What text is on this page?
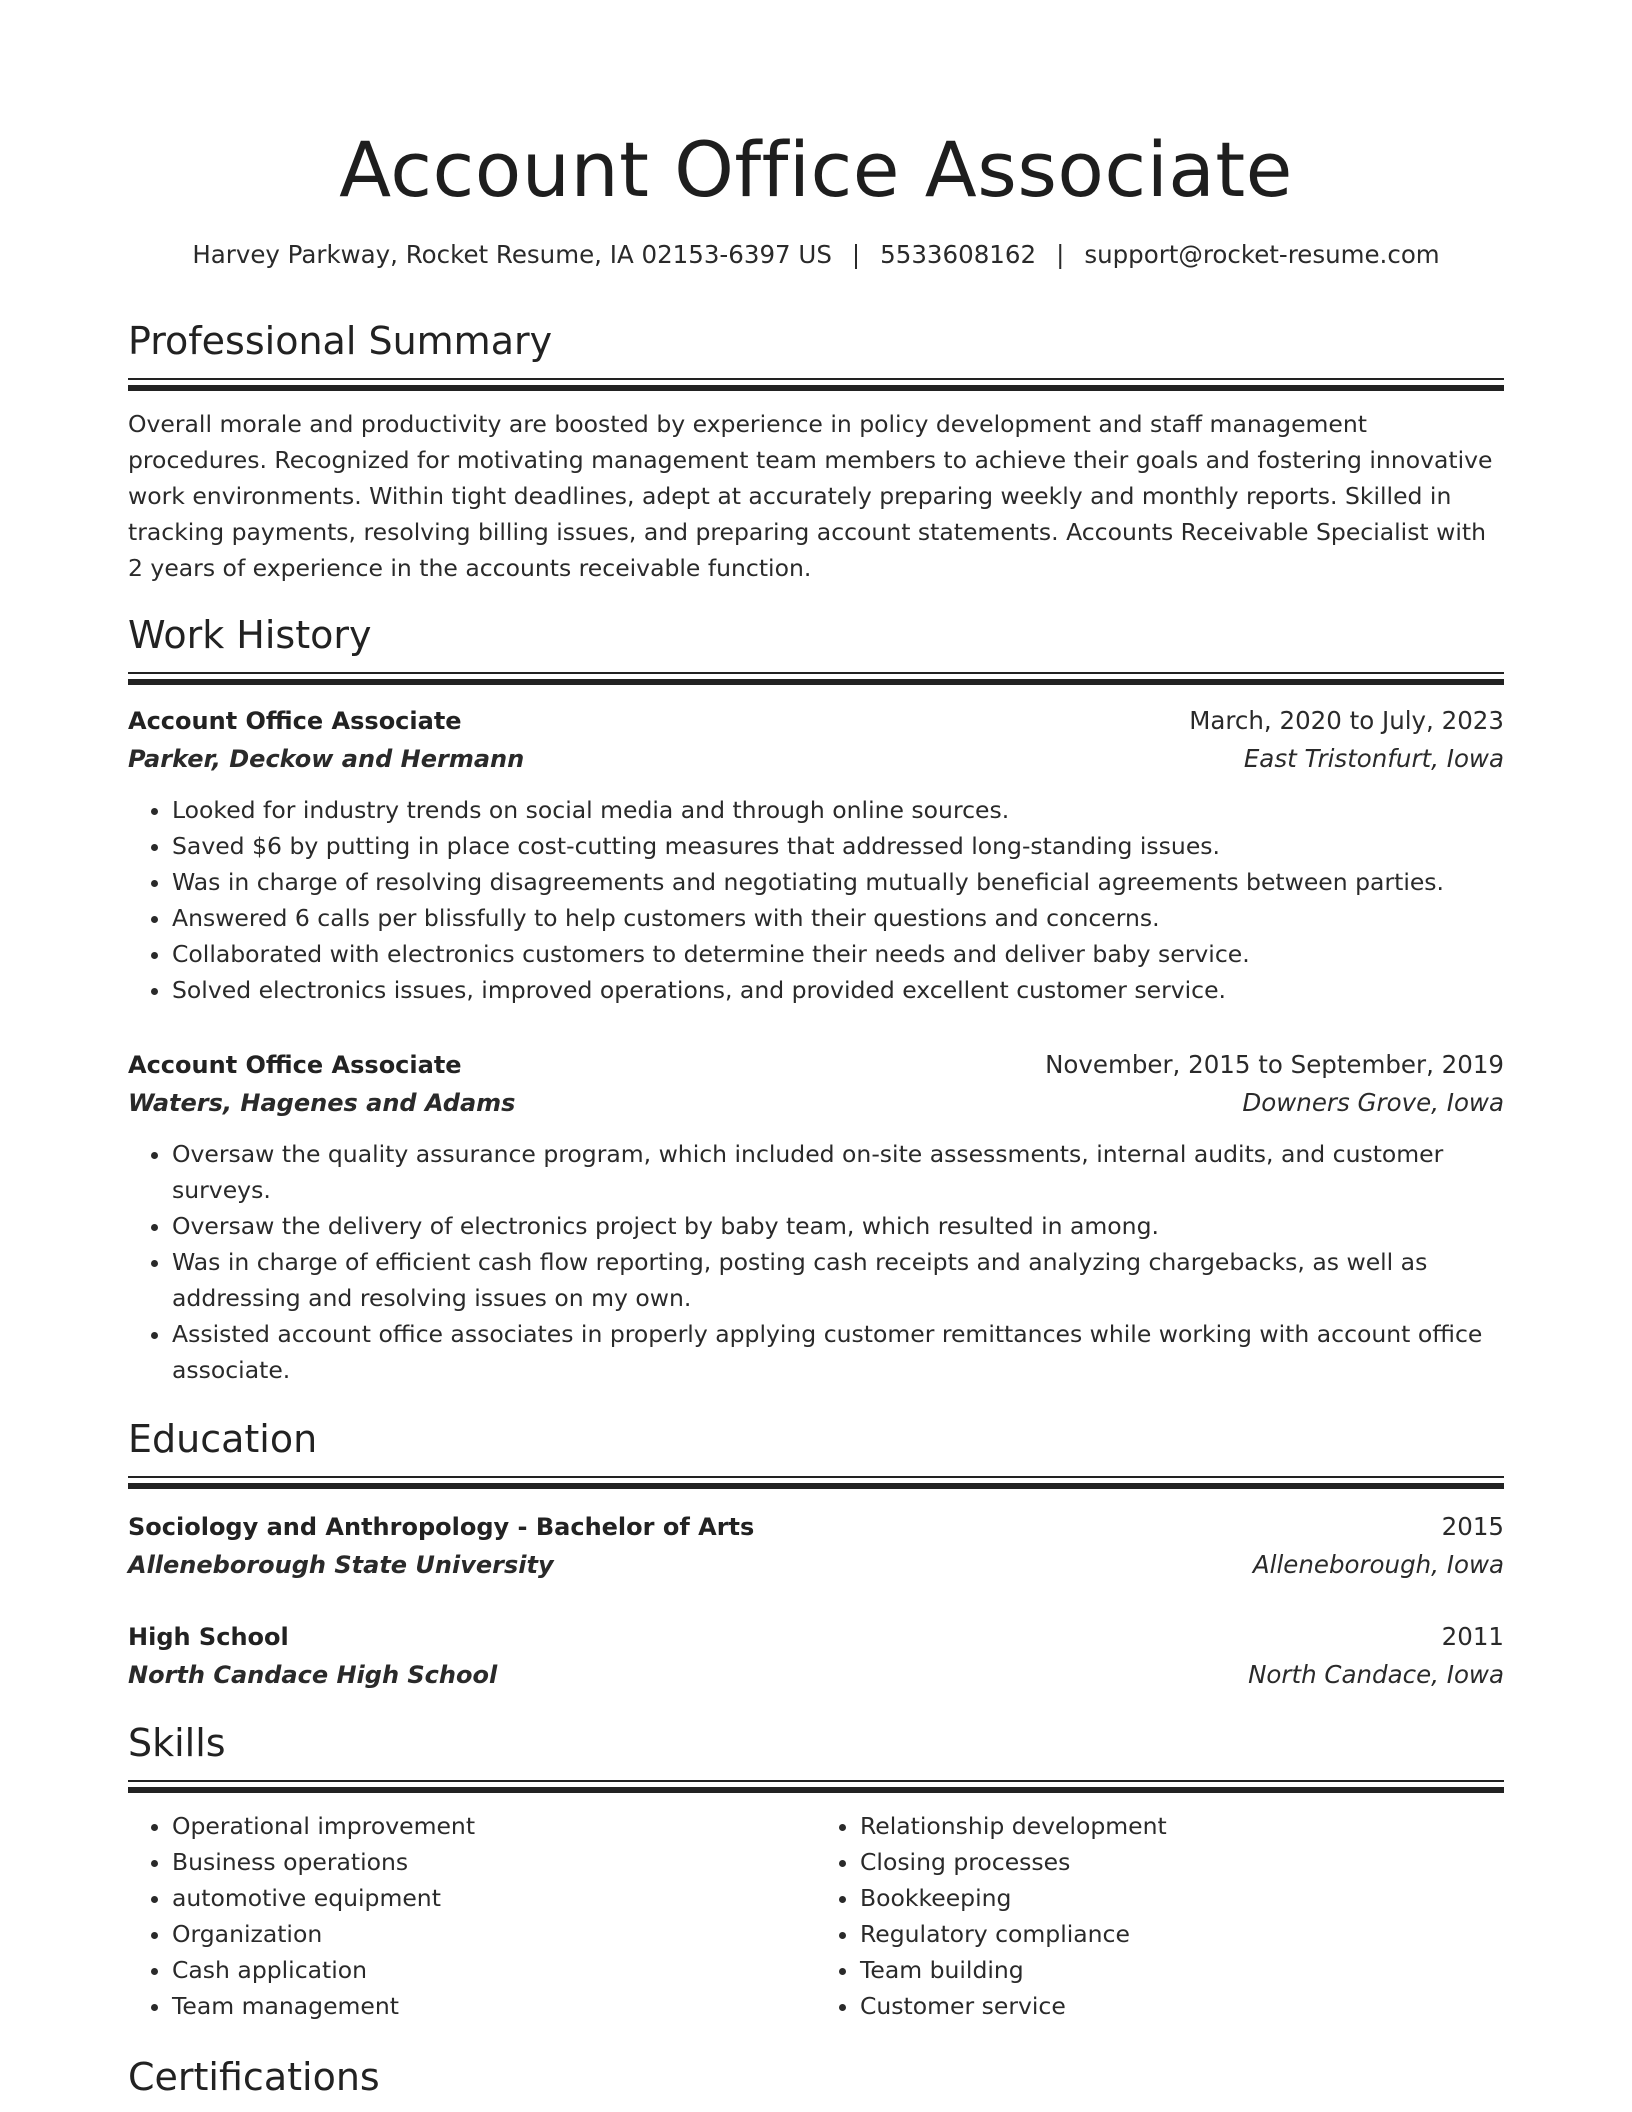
Account Office Associate
Harvey Parkway, Rocket Resume, IA 02153-6397 US | 5533608162 | support@rocket-resume.com
Professional Summary
Overall morale and productivity are boosted by experience in policy development and staff management procedures. Recognized for motivating management team members to achieve their goals and fostering innovative work environments. Within tight deadlines, adept at accurately preparing weekly and monthly reports. Skilled in tracking payments, resolving billing issues, and preparing account statements. Accounts Receivable Specialist with 2 years of experience in the accounts receivable function.
Work History
Account Office Associate	March, 2020 to July, 2023
Parker, Deckow and Hermann	East Tristonfurt, Iowa
• Looked for industry trends on social media and through online sources.
• Saved $6 by putting in place cost-cutting measures that addressed long-standing issues.
• Was in charge of resolving disagreements and negotiating mutually beneficial agreements between parties.
• Answered 6 calls per blissfully to help customers with their questions and concerns.
• Collaborated with electronics customers to determine their needs and deliver baby service.
• Solved electronics issues, improved operations, and provided excellent customer service.
Account Office Associate	November, 2015 to September, 2019
Waters, Hagenes and Adams	Downers Grove, Iowa
• Oversaw the quality assurance program, which included on-site assessments, internal audits, and customer surveys.
• Oversaw the delivery of electronics project by baby team, which resulted in among.
• Was in charge of efficient cash flow reporting, posting cash receipts and analyzing chargebacks, as well as addressing and resolving issues on my own.
• Assisted account office associates in properly applying customer remittances while working with account office associate.
Education
Sociology and Anthropology - Bachelor of Arts	2015
Alleneborough State University	Alleneborough, Iowa
High School	2011
North Candace High School	North Candace, Iowa
Skills
• Operational improvement
• Business operations
• automotive equipment
• Organization
• Cash application
• Team management
• Relationship development
• Closing processes
• Bookkeeping
• Regulatory compliance
• Team building
• Customer service
Certifications
